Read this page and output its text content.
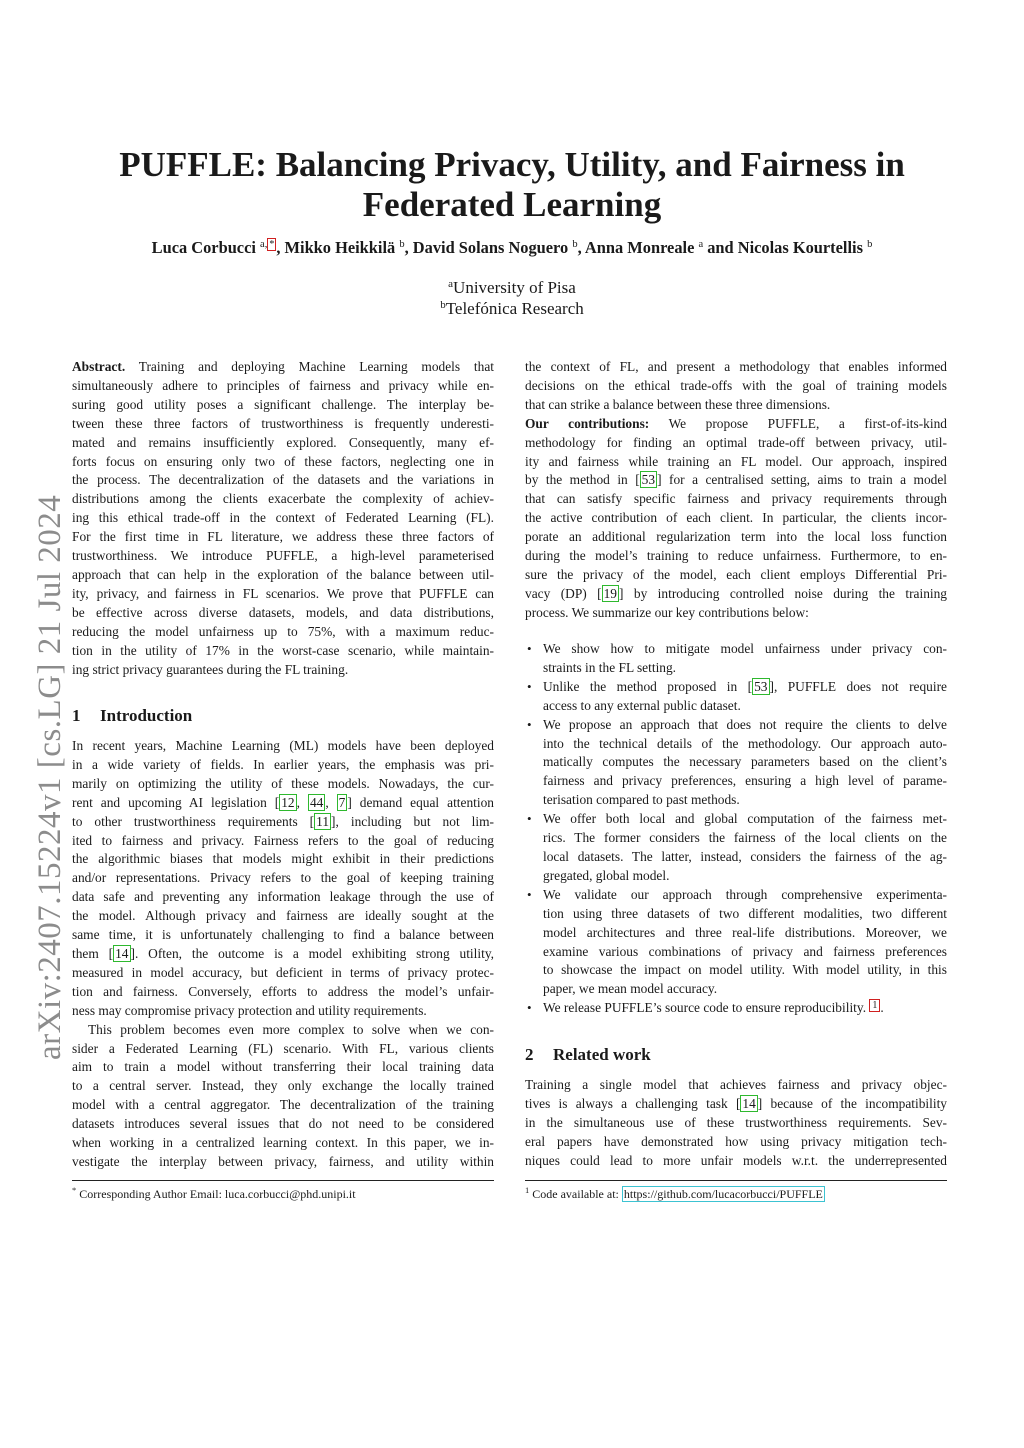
arXiv:2407.15224v1 [cs.LG] 21 Jul 2024
PUFFLE: Balancing Privacy, Utility, and Fairness in
Federated Learning
Luca Corbucci $^{a,}$ * , Mikko Heikkilä $^b$, David Solans Noguero $^b$, Anna Monreale $^a$ and Nicolas Kourtellis $^b$
$^a$University of Pisa
$^b$Telefónica Research
Abstract. Training and deploying Machine Learning models that
simultaneously adhere to principles of fairness and privacy while en-
suring good utility poses a significant challenge. The interplay be-
tween these three factors of trustworthiness is frequently underesti-
mated and remains insufficiently explored. Consequently, many ef-
forts focus on ensuring only two of these factors, neglecting one in
the process. The decentralization of the datasets and the variations in
distributions among the clients exacerbate the complexity of achiev-
ing this ethical trade-off in the context of Federated Learning (FL).
For the first time in FL literature, we address these three factors of
trustworthiness. We introduce PUFFLE, a high-level parameterised
approach that can help in the exploration of the balance between util-
ity, privacy, and fairness in FL scenarios. We prove that PUFFLE can
be effective across diverse datasets, models, and data distributions,
reducing the model unfairness up to 75%, with a maximum reduc-
tion in the utility of 17% in the worst-case scenario, while maintain-
ing strict privacy guarantees during the FL training.
1 Introduction
In recent years, Machine Learning (ML) models have been deployed
in a wide variety of fields. In earlier years, the emphasis was pri-
marily on optimizing the utility of these models. Nowadays, the cur-
rent and upcoming AI legislation [ 12 , 44 , 7 ] demand equal attention
to other trustworthiness requirements [ 11 ], including but not lim-
ited to fairness and privacy. Fairness refers to the goal of reducing
the algorithmic biases that models might exhibit in their predictions
and/or representations. Privacy refers to the goal of keeping training
data safe and preventing any information leakage through the use of
the model. Although privacy and fairness are ideally sought at the
same time, it is unfortunately challenging to find a balance between
them [ 14 ]. Often, the outcome is a model exhibiting strong utility,
measured in model accuracy, but deficient in terms of privacy protec-
tion and fairness. Conversely, efforts to address the model’s unfair-
ness may compromise privacy protection and utility requirements.
This problem becomes even more complex to solve when we con-
sider a Federated Learning (FL) scenario. With FL, various clients
aim to train a model without transferring their local training data
to a central server. Instead, they only exchange the locally trained
model with a central aggregator. The decentralization of the training
datasets introduces several issues that do not need to be considered
when working in a centralized learning context. In this paper, we in-
vestigate the interplay between privacy, fairness, and utility within
* Corresponding Author Email: luca.corbucci@phd.unipi.it
the context of FL, and present a methodology that enables informed
decisions on the ethical trade-offs with the goal of training models
that can strike a balance between these three dimensions.
Our contributions: We propose PUFFLE, a first-of-its-kind
methodology for finding an optimal trade-off between privacy, util-
ity and fairness while training an FL model. Our approach, inspired
by the method in [ 53 ] for a centralised setting, aims to train a model
that can satisfy specific fairness and privacy requirements through
the active contribution of each client. In particular, the clients incor-
porate an additional regularization term into the local loss function
during the model’s training to reduce unfairness. Furthermore, to en-
sure the privacy of the model, each client employs Differential Pri-
vacy (DP) [ 19 ] by introducing controlled noise during the training
process. We summarize our key contributions below:
• We show how to mitigate model unfairness under privacy con-
straints in the FL setting.
• Unlike the method proposed in [ 53 ], PUFFLE does not require
access to any external public dataset.
• We propose an approach that does not require the clients to delve
into the technical details of the methodology. Our approach auto-
matically computes the necessary parameters based on the client’s
fairness and privacy preferences, ensuring a high level of parame-
terisation compared to past methods.
• We offer both local and global computation of the fairness met-
rics. The former considers the fairness of the local clients on the
local datasets. The latter, instead, considers the fairness of the ag-
gregated, global model.
• We validate our approach through comprehensive experimenta-
tion using three datasets of two different modalities, two different
model architectures and three real-life distributions. Moreover, we
examine various combinations of privacy and fairness preferences
to showcase the impact on model utility. With model utility, in this
paper, we mean model accuracy.
• We release PUFFLE’s source code to ensure reproducibility. $^1$ .
2 Related work
Training a single model that achieves fairness and privacy objec-
tives is always a challenging task [ 14 ] because of the incompatibility
in the simultaneous use of these trustworthiness requirements. Sev-
eral papers have demonstrated how using privacy mitigation tech-
niques could lead to more unfair models w.r.t. the underrepresented
$^1$ Code available at: https://github.com/lucacorbucci/PUFFLE
